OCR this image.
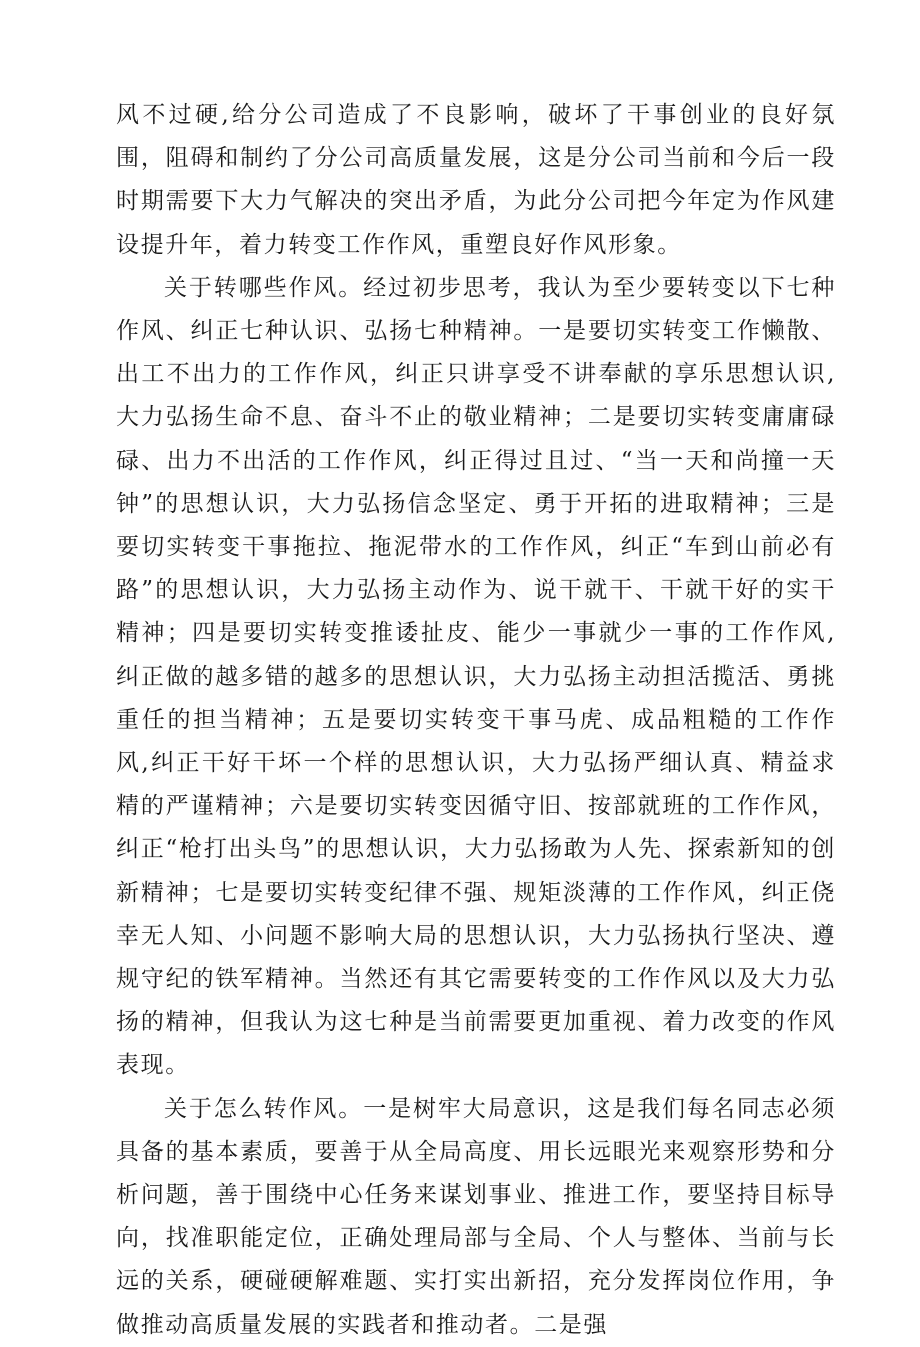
风不过硬,给分公司造成了不良影响，破坏了干事创业的良好氛围，阻碍和制约了分公司高质量发展，这是分公司当前和今后一段时期需要下大力气解决的突出矛盾，为此分公司把今年定为作风建设提升年，着力转变工作作风，重塑良好作风形象。

关于转哪些作风。经过初步思考，我认为至少要转变以下七种作风、纠正七种认识、弘扬七种精神。一是要切实转变工作懒散、出工不出力的工作作风，纠正只讲享受不讲奉献的享乐思想认识,大力弘扬生命不息、奋斗不止的敬业精神；二是要切实转变庸庸碌碌、出力不出活的工作作风，纠正得过且过、“当一天和尚撞一天钟”的思想认识，大力弘扬信念坚定、勇于开拓的进取精神；三是要切实转变干事拖拉、拖泥带水的工作作风，纠正“车到山前必有路”的思想认识，大力弘扬主动作为、说干就干、干就干好的实干精神；四是要切实转变推诿扯皮、能少一事就少一事的工作作风,纠正做的越多错的越多的思想认识，大力弘扬主动担活揽活、勇挑重任的担当精神；五是要切实转变干事马虎、成品粗糙的工作作风,纠正干好干坏一个样的思想认识，大力弘扬严细认真、精益求精的严谨精神；六是要切实转变因循守旧、按部就班的工作作风，纠正“枪打出头鸟”的思想认识，大力弘扬敢为人先、探索新知的创新精神；七是要切实转变纪律不强、规矩淡薄的工作作风，纠正侥幸无人知、小问题不影响大局的思想认识，大力弘扬执行坚决、遵规守纪的铁军精神。当然还有其它需要转变的工作作风以及大力弘扬的精神，但我认为这七种是当前需要更加重视、着力改变的作风表现。

关于怎么转作风。一是树牢大局意识，这是我们每名同志必须具备的基本素质，要善于从全局高度、用长远眼光来观察形势和分析问题，善于围绕中心任务来谋划事业、推进工作，要坚持目标导向，找准职能定位，正确处理局部与全局、个人与整体、当前与长远的关系，硬碰硬解难题、实打实出新招，充分发挥岗位作用，争做推动高质量发展的实践者和推动者。二是强
